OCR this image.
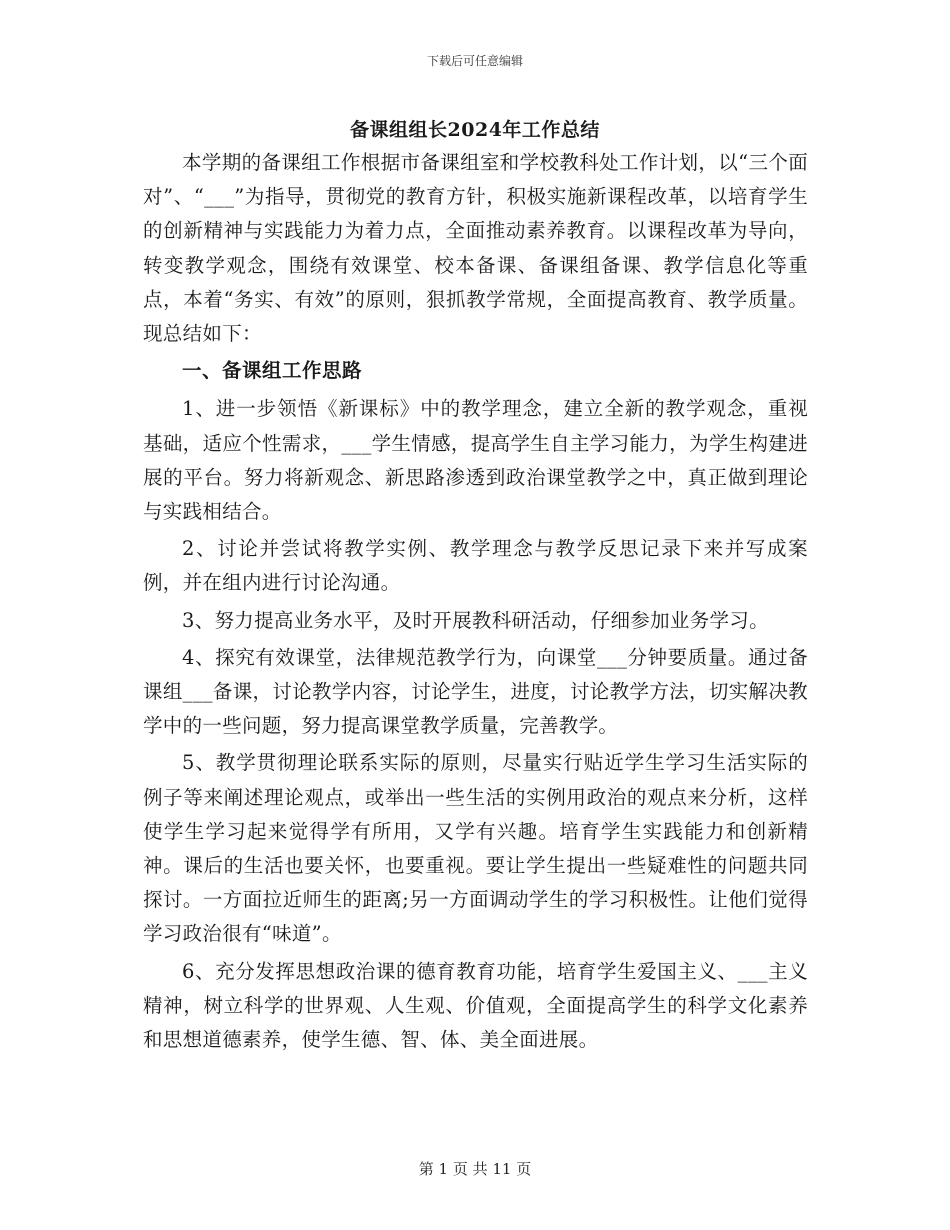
下载后可任意编辑
备课组组长2024年工作总结

本学期的备课组工作根据市备课组室和学校教科处工作计划，以“三个面对”、“___”为指导，贯彻党的教育方针，积极实施新课程改革，以培育学生的创新精神与实践能力为着力点，全面推动素养教育。以课程改革为导向，转变教学观念，围绕有效课堂、校本备课、备课组备课、教学信息化等重点，本着“务实、有效”的原则，狠抓教学常规，全面提高教育、教学质量。现总结如下：

一、备课组工作思路

1、进一步领悟《新课标》中的教学理念，建立全新的教学观念，重视基础，适应个性需求，___学生情感，提高学生自主学习能力，为学生构建进展的平台。努力将新观念、新思路渗透到政治课堂教学之中，真正做到理论与实践相结合。

2、讨论并尝试将教学实例、教学理念与教学反思记录下来并写成案例，并在组内进行讨论沟通。

3、努力提高业务水平，及时开展教科研活动，仔细参加业务学习。

4、探究有效课堂，法律规范教学行为，向课堂___分钟要质量。通过备课组___备课，讨论教学内容，讨论学生，进度，讨论教学方法，切实解决教学中的一些问题，努力提高课堂教学质量，完善教学。

5、教学贯彻理论联系实际的原则，尽量实行贴近学生学习生活实际的例子等来阐述理论观点，或举出一些生活的实例用政治的观点来分析，这样使学生学习起来觉得学有所用，又学有兴趣。培育学生实践能力和创新精神。课后的生活也要关怀，也要重视。要让学生提出一些疑难性的问题共同探讨。一方面拉近师生的距离;另一方面调动学生的学习积极性。让他们觉得学习政治很有“味道”。

6、充分发挥思想政治课的德育教育功能，培育学生爱国主义、___主义精神，树立科学的世界观、人生观、价值观，全面提高学生的科学文化素养和思想道德素养，使学生德、智、体、美全面进展。

第 1 页 共 11 页
